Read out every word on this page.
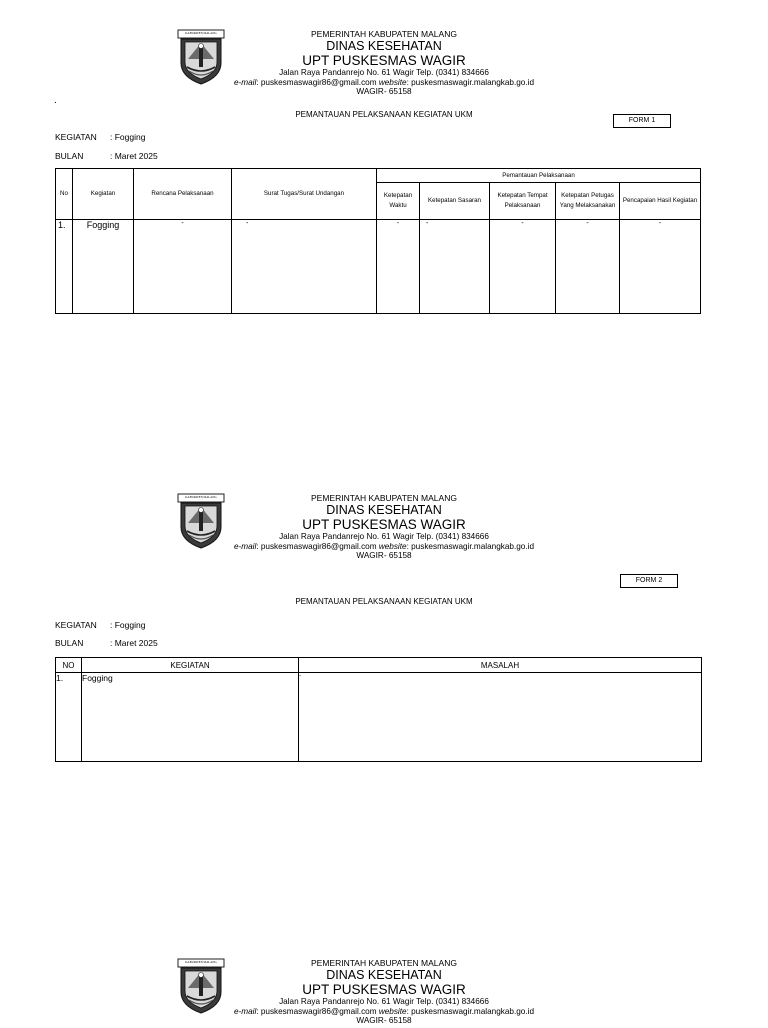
.
KABUPATEN MALANG	PEMERINTAH KABUPATEN MALANG
DINAS KESEHATAN
UPT PUSKESMAS WAGIR
Jalan Raya Pandanrejo No. 61 Wagir Telp. (0341) 834666
e-mail: puskesmaswagir86@gmail.com website: puskesmaswagir.malangkab.go.id
WAGIR- 65158
PEMANTAUAN PELAKSANAAN KEGIATAN UKM
FORM 1
KEGIATAN : Fogging
BULAN	: Maret 2025
No	Kegiatan	Rencana Pelaksanaan	Surat Tugas/Surat Undangan	Pemantauan Pelaksanaan				
				Ketepatan Waktu	Ketepatan Sasaran	Ketepatan Tempat Pelaksanaan	Ketepatan Petugas Yang Melaksanakan	Pencapaian Hasil Kegiatan
1.	Fogging	-	-	-	-	-	-	-
KABUPATEN MALANG	PEMERINTAH KABUPATEN MALANG
DINAS KESEHATAN
UPT PUSKESMAS WAGIR
Jalan Raya Pandanrejo No. 61 Wagir Telp. (0341) 834666
e-mail: puskesmaswagir86@gmail.com website: puskesmaswagir.malangkab.go.id
WAGIR- 65158
FORM 2
PEMANTAUAN PELAKSANAAN KEGIATAN UKM
KEGIATAN : Fogging
BULAN	: Maret 2025
NO	KEGIATAN	MASALAH
1.	Fogging	-
KABUPATEN MALANG	PEMERINTAH KABUPATEN MALANG
DINAS KESEHATAN
UPT PUSKESMAS WAGIR
Jalan Raya Pandanrejo No. 61 Wagir Telp. (0341) 834666
e-mail: puskesmaswagir86@gmail.com website: puskesmaswagir.malangkab.go.id
WAGIR- 65158
